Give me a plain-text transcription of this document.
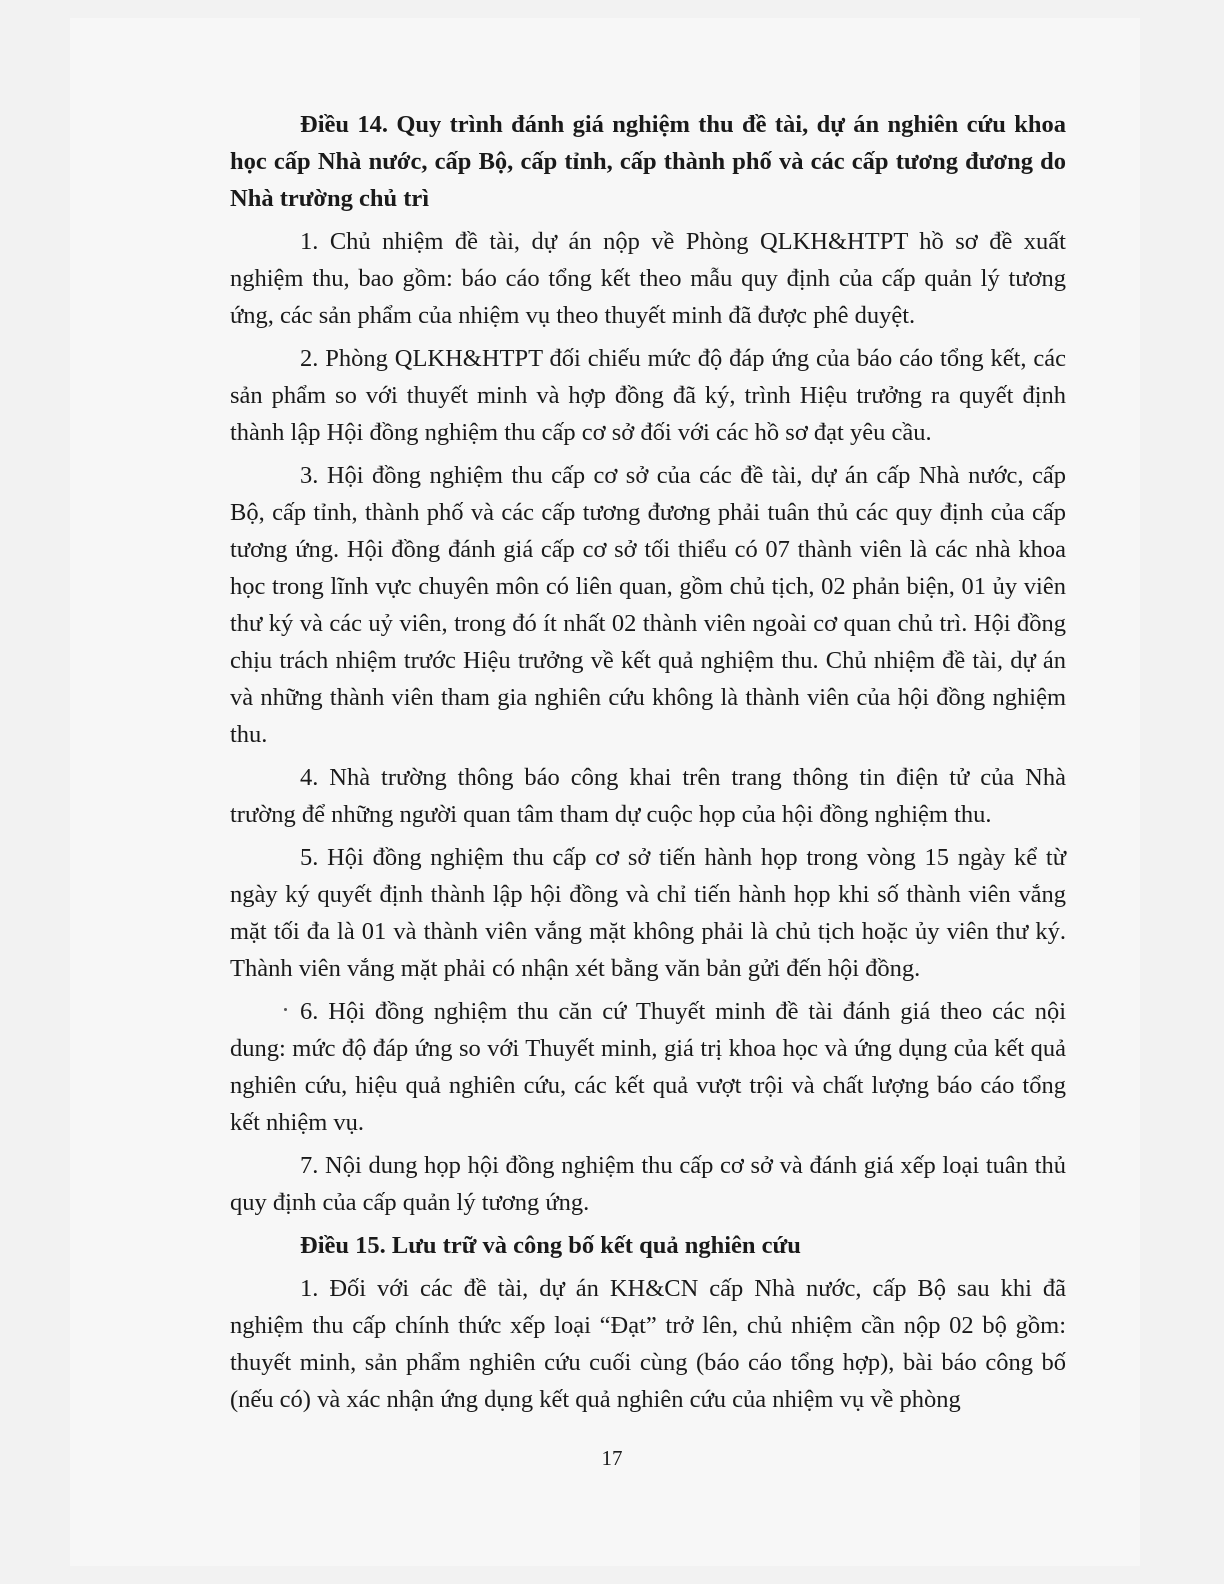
Điều 14. Quy trình đánh giá nghiệm thu đề tài, dự án nghiên cứu khoa học cấp Nhà nước, cấp Bộ, cấp tỉnh, cấp thành phố và các cấp tương đương do Nhà trường chủ trì

1. Chủ nhiệm đề tài, dự án nộp về Phòng QLKH&HTPT hồ sơ đề xuất nghiệm thu, bao gồm: báo cáo tổng kết theo mẫu quy định của cấp quản lý tương ứng, các sản phẩm của nhiệm vụ theo thuyết minh đã được phê duyệt.

2. Phòng QLKH&HTPT đối chiếu mức độ đáp ứng của báo cáo tổng kết, các sản phẩm so với thuyết minh và hợp đồng đã ký, trình Hiệu trưởng ra quyết định thành lập Hội đồng nghiệm thu cấp cơ sở đối với các hồ sơ đạt yêu cầu.

3. Hội đồng nghiệm thu cấp cơ sở của các đề tài, dự án cấp Nhà nước, cấp Bộ, cấp tỉnh, thành phố và các cấp tương đương phải tuân thủ các quy định của cấp tương ứng. Hội đồng đánh giá cấp cơ sở tối thiểu có 07 thành viên là các nhà khoa học trong lĩnh vực chuyên môn có liên quan, gồm chủ tịch, 02 phản biện, 01 ủy viên thư ký và các uỷ viên, trong đó ít nhất 02 thành viên ngoài cơ quan chủ trì. Hội đồng chịu trách nhiệm trước Hiệu trưởng về kết quả nghiệm thu. Chủ nhiệm đề tài, dự án và những thành viên tham gia nghiên cứu không là thành viên của hội đồng nghiệm thu.

4. Nhà trường thông báo công khai trên trang thông tin điện tử của Nhà trường để những người quan tâm tham dự cuộc họp của hội đồng nghiệm thu.

5. Hội đồng nghiệm thu cấp cơ sở tiến hành họp trong vòng 15 ngày kể từ ngày ký quyết định thành lập hội đồng và chỉ tiến hành họp khi số thành viên vắng mặt tối đa là 01 và thành viên vắng mặt không phải là chủ tịch hoặc ủy viên thư ký. Thành viên vắng mặt phải có nhận xét bằng văn bản gửi đến hội đồng.

6. Hội đồng nghiệm thu căn cứ Thuyết minh đề tài đánh giá theo các nội dung: mức độ đáp ứng so với Thuyết minh, giá trị khoa học và ứng dụng của kết quả nghiên cứu, hiệu quả nghiên cứu, các kết quả vượt trội và chất lượng báo cáo tổng kết nhiệm vụ.

7. Nội dung họp hội đồng nghiệm thu cấp cơ sở và đánh giá xếp loại tuân thủ quy định của cấp quản lý tương ứng.

Điều 15. Lưu trữ và công bố kết quả nghiên cứu

1. Đối với các đề tài, dự án KH&CN cấp Nhà nước, cấp Bộ sau khi đã nghiệm thu cấp chính thức xếp loại “Đạt” trở lên, chủ nhiệm cần nộp 02 bộ gồm: thuyết minh, sản phẩm nghiên cứu cuối cùng (báo cáo tổng hợp), bài báo công bố (nếu có) và xác nhận ứng dụng kết quả nghiên cứu của nhiệm vụ về phòng

17
